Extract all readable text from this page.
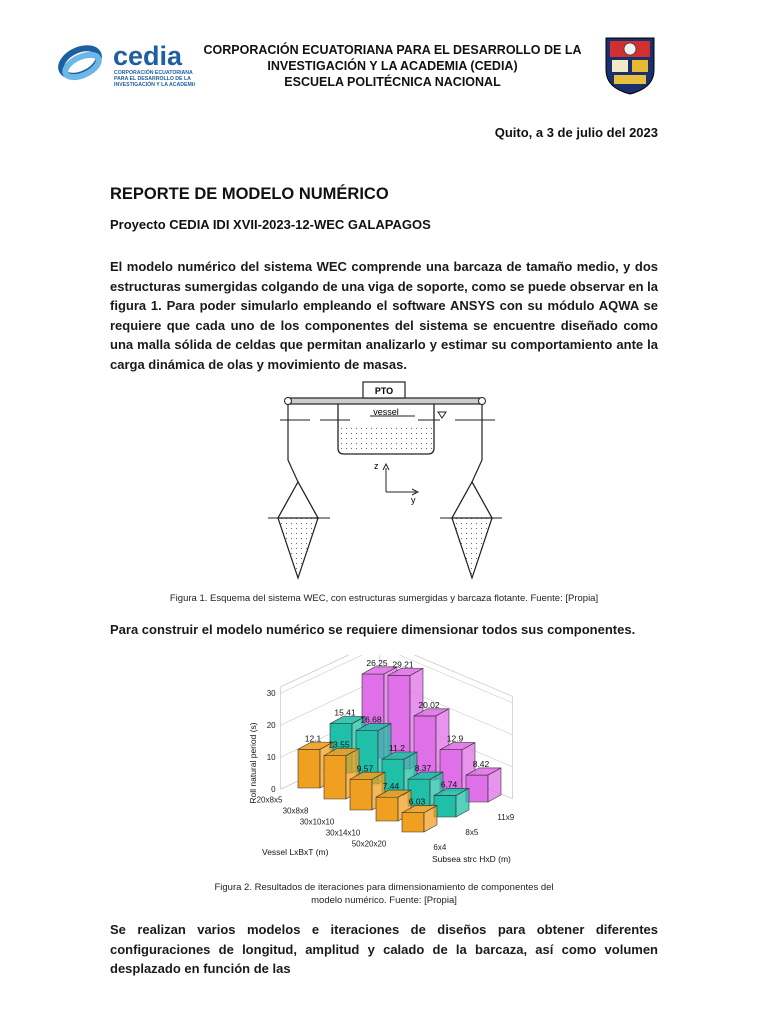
cedia
CORPORACIÓN ECUATORIANA
PARA EL DESARROLLO DE LA
INVESTIGACIÓN Y LA ACADEMIA
CORPORACIÓN ECUATORIANA PARA EL DESARROLLO DE LA
INVESTIGACIÓN Y LA ACADEMIA (CEDIA)
ESCUELA POLITÉCNICA NACIONAL
Quito, a 3 de julio del 2023
REPORTE DE MODELO NUMÉRICO
Proyecto CEDIA IDI XVII-2023-12-WEC GALAPAGOS
El modelo numérico del sistema WEC comprende una barcaza de tamaño medio, y dos estructuras sumergidas colgando de una viga de soporte, como se puede observar en la figura 1. Para poder simularlo empleando el software ANSYS con su módulo AQWA se requiere que cada uno de los componentes del sistema se encuentre diseñado como una malla sólida de celdas que permitan analizarlo y estimar su comportamiento ante la carga dinámica de olas y movimiento de masas.
PTO
vessel
z
y
Figura 1. Esquema del sistema WEC, con estructuras sumergidas y barcaza flotante. Fuente: [Propia]
Para construir el modelo numérico se requiere dimensionar todos sus componentes.
0
10
20
30
26.25 29.21
20.02
12.9
8.42
15.41
16.68
11.2
8.37
6.74
12.1
13.55
9.57
7.44
6.03
20x8x5
30x8x8
30x10x10
30x14x10
50x20x20	6x4
8x5
11x9
Roll natural period (s)
Vessel LxBxT (m)
Subsea strc HxD (m)
Figura 2. Resultados de iteraciones para dimensionamiento de componentes del
modelo numérico. Fuente: [Propia]
Se realizan varios modelos e iteraciones de diseños para obtener diferentes configuraciones de longitud, amplitud y calado de la barcaza, así como volumen desplazado en función de las
